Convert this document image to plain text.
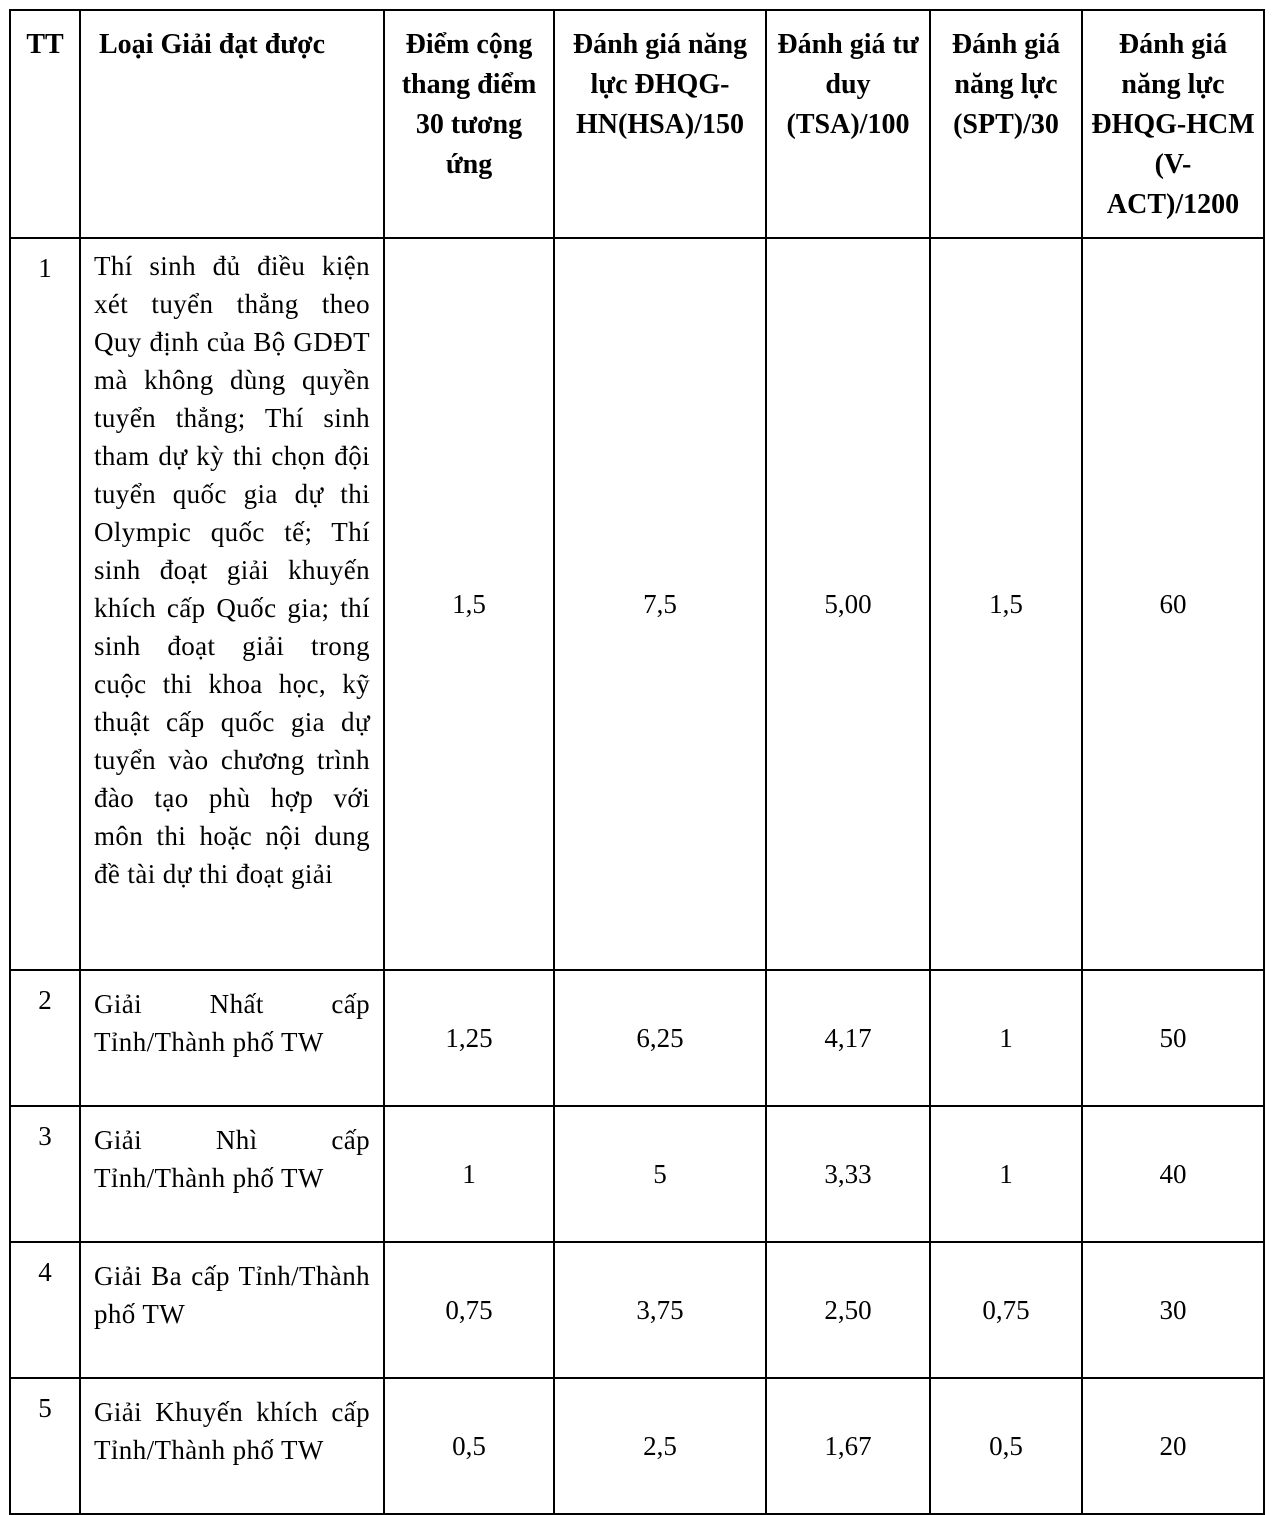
TT	Loại Giải đạt được	Điểm cộng thang điểm 30 tương ứng	Đánh giá năng lực ĐHQG-HN(HSA)/150	Đánh giá tư duy (TSA)/100	Đánh giá năng lực (SPT)/30	Đánh giá năng lực ĐHQG-HCM (V-ACT)/1200
1	Thí sinh đủ điều kiện xét tuyển thẳng theo Quy định của Bộ GDĐT mà không dùng quyền tuyển thẳng; Thí sinh tham dự kỳ thi chọn đội tuyển quốc gia dự thi Olympic quốc tế; Thí sinh đoạt giải khuyến khích cấp Quốc gia; thí sinh đoạt giải trong cuộc thi khoa học, kỹ thuật cấp quốc gia dự tuyển vào chương trình đào tạo phù hợp với môn thi hoặc nội dung đề tài dự thi đoạt giải	1,5	7,5	5,00	1,5	60
2	Giải Nhất cấp Tỉnh/Thành phố TW	1,25	6,25	4,17	1	50
3	Giải Nhì cấp Tỉnh/Thành phố TW	1	5	3,33	1	40
4	Giải Ba cấp Tỉnh/Thành phố TW	0,75	3,75	2,50	0,75	30
5	Giải Khuyến khích cấp Tỉnh/Thành phố TW	0,5	2,5	1,67	0,5	20
